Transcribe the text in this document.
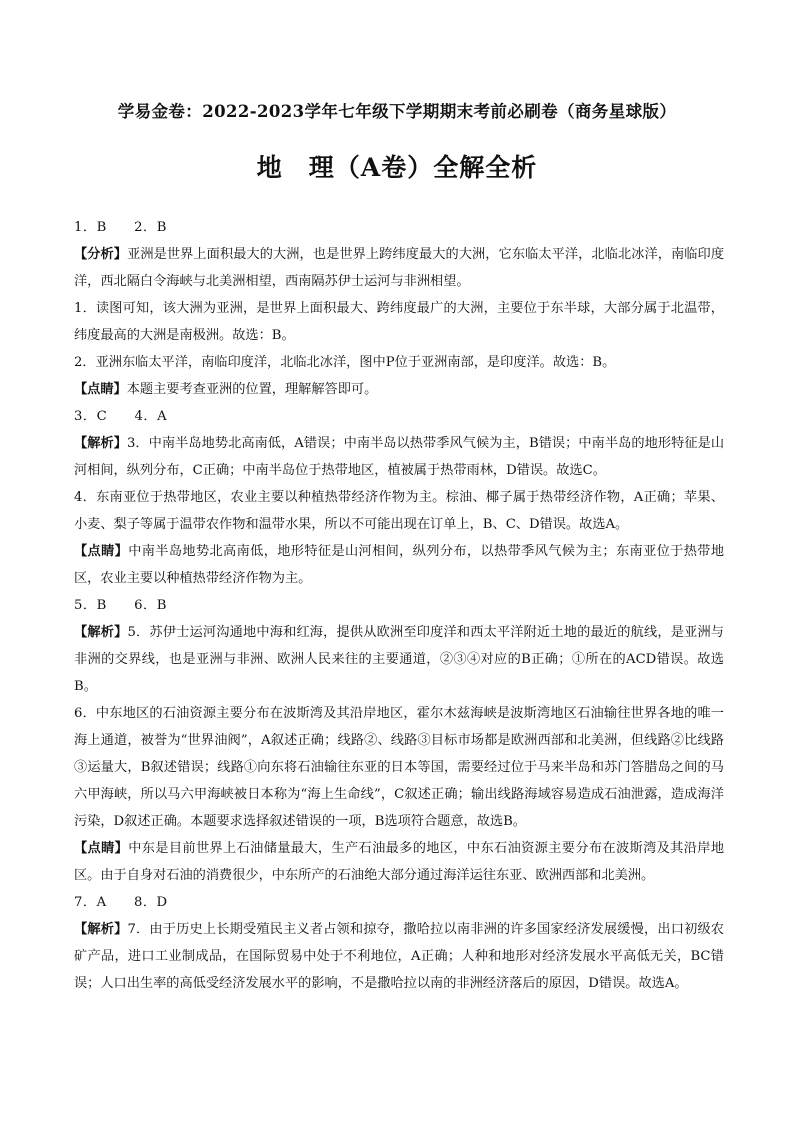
学易金卷：2022-2023学年七年级下学期期末考前必刷卷（商务星球版）
地　理（A卷）全解全析

1．B　　2．B

【分析】亚洲是世界上面积最大的大洲，也是世界上跨纬度最大的大洲，它东临太平洋，北临北冰洋，南临印度洋，西北隔白令海峡与北美洲相望，西南隔苏伊士运河与非洲相望。

1．读图可知，该大洲为亚洲，是世界上面积最大、跨纬度最广的大洲，主要位于东半球，大部分属于北温带，纬度最高的大洲是南极洲。故选：B。

2．亚洲东临太平洋，南临印度洋，北临北冰洋，图中P位于亚洲南部，是印度洋。故选：B。

【点睛】本题主要考查亚洲的位置，理解解答即可。

3．C　　4．A

【解析】3．中南半岛地势北高南低，A错误；中南半岛以热带季风气候为主，B错误；中南半岛的地形特征是山河相间，纵列分布，C正确；中南半岛位于热带地区，植被属于热带雨林，D错误。故选C。

4．东南亚位于热带地区，农业主要以种植热带经济作物为主。棕油、椰子属于热带经济作物，A正确；苹果、小麦、梨子等属于温带农作物和温带水果，所以不可能出现在订单上，B、C、D错误。故选A。

【点睛】中南半岛地势北高南低，地形特征是山河相间，纵列分布，以热带季风气候为主；东南亚位于热带地区，农业主要以种植热带经济作物为主。

5．B　　6．B

【解析】5．苏伊士运河沟通地中海和红海，提供从欧洲至印度洋和西太平洋附近土地的最近的航线，是亚洲与非洲的交界线，也是亚洲与非洲、欧洲人民来往的主要通道，②③④对应的B正确；①所在的ACD错误。故选B。

6．中东地区的石油资源主要分布在波斯湾及其沿岸地区，霍尔木兹海峡是波斯湾地区石油输往世界各地的唯一海上通道，被誉为“世界油阀”，A叙述正确；线路②、线路③目标市场都是欧洲西部和北美洲，但线路②比线路③运量大，B叙述错误；线路①向东将石油输往东亚的日本等国，需要经过位于马来半岛和苏门答腊岛之间的马六甲海峡，所以马六甲海峡被日本称为“海上生命线”，C叙述正确；输出线路海域容易造成石油泄露，造成海洋污染，D叙述正确。本题要求选择叙述错误的一项，B选项符合题意，故选B。

【点睛】中东是目前世界上石油储量最大，生产石油最多的地区，中东石油资源主要分布在波斯湾及其沿岸地区。由于自身对石油的消费很少，中东所产的石油绝大部分通过海洋运往东亚、欧洲西部和北美洲。

7．A　　8．D

【解析】7．由于历史上长期受殖民主义者占领和掠夺，撒哈拉以南非洲的许多国家经济发展缓慢，出口初级农矿产品，进口工业制成品，在国际贸易中处于不利地位，A正确；人种和地形对经济发展水平高低无关，BC错误；人口出生率的高低受经济发展水平的影响，不是撒哈拉以南的非洲经济落后的原因，D错误。故选A。
